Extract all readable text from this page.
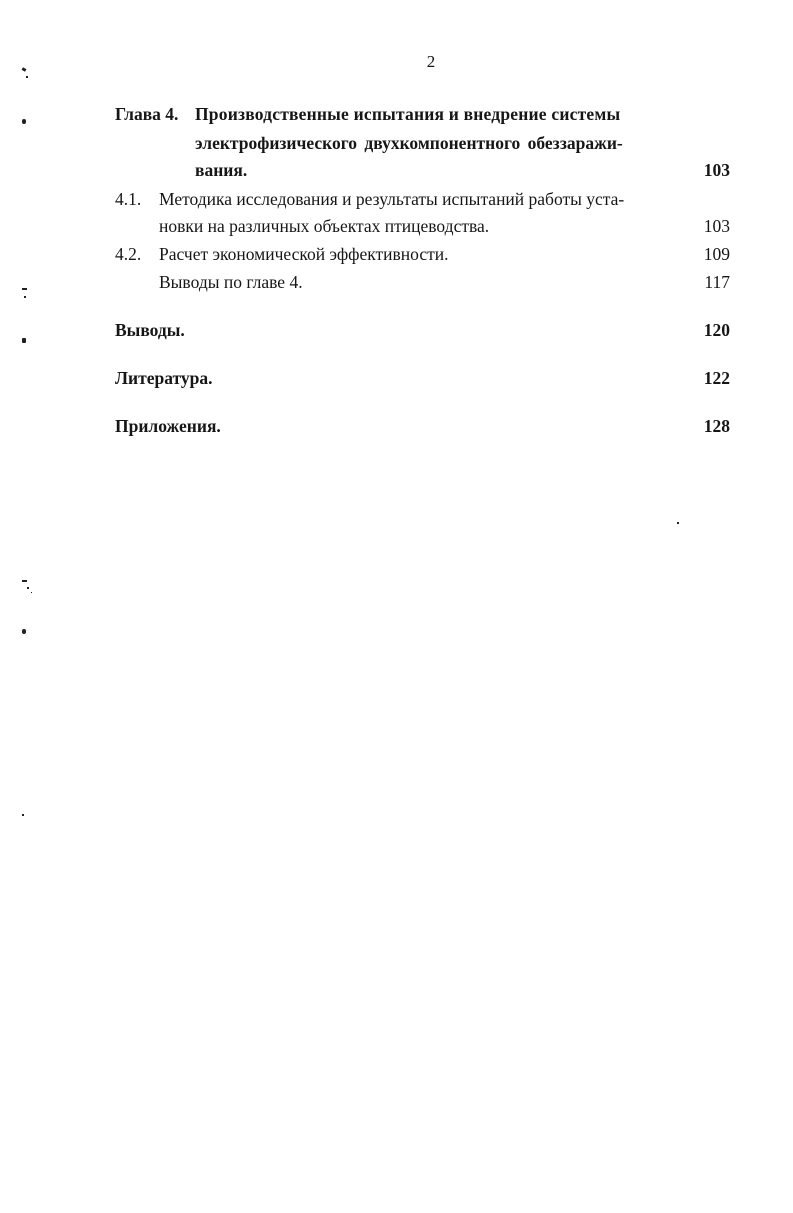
2
Глава 4. Производственные испытания и внедрение системы
электрофизического двухкомпонентного обеззаражи-
вания.	103
4.1. Методика исследования и результаты испытаний работы уста-
новки на различных объектах птицеводства.	103
4.2. Расчет экономической эффективности.	109
Выводы по главе 4.	117
Выводы.	120
Литература.	122
Приложения.	128
